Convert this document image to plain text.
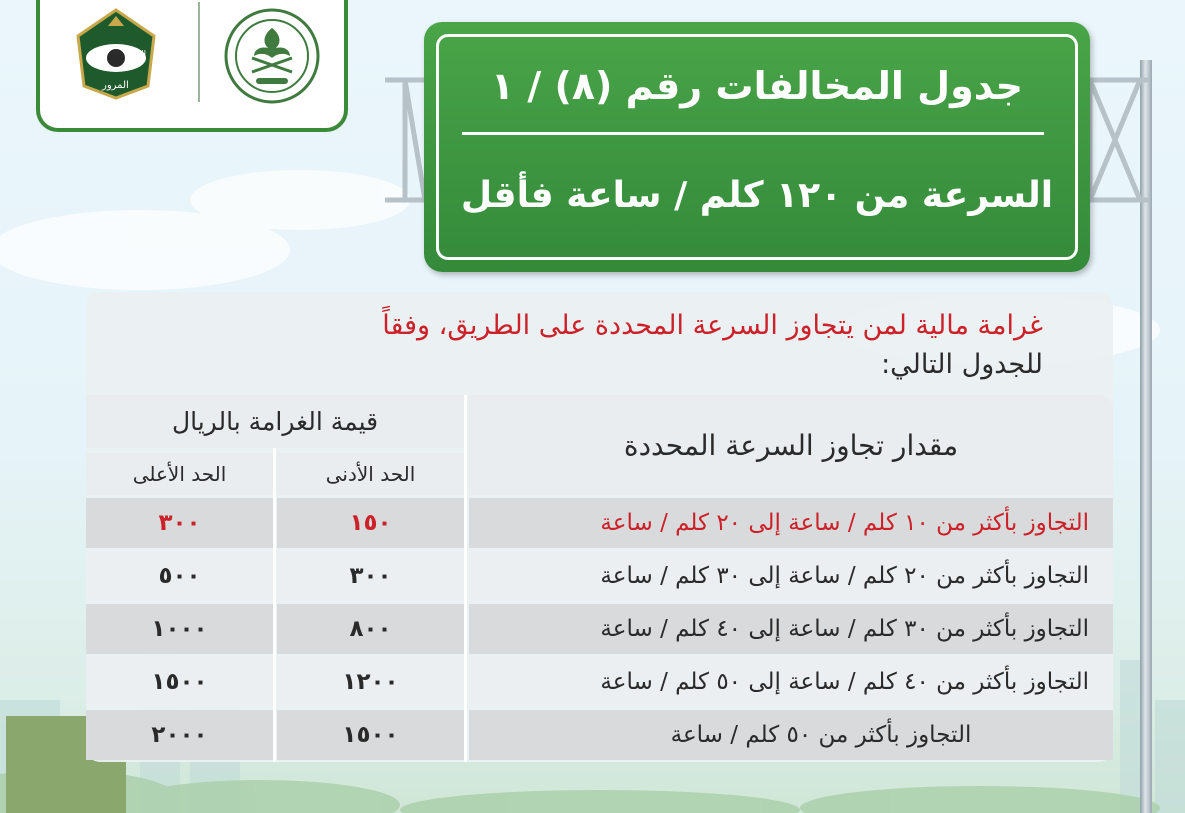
الأمن	العام
المرور	جدول المخالفات رقم (٨) / ١
السرعة من ١٢٠ كلم / ساعة فأقل
غرامة مالية لمن يتجاوز السرعة المحددة على الطريق، وفقاً
للجدول التالي:
مقدار تجاوز السرعة المحددة
قيمة الغرامة بالريال
الحد الأدنى
الحد الأعلى
التجاوز بأكثر من ١٠ كلم / ساعة إلى ٢٠ كلم / ساعة
١٥٠
٣٠٠
التجاوز بأكثر من ٢٠ كلم / ساعة إلى ٣٠ كلم / ساعة
٣٠٠
٥٠٠
التجاوز بأكثر من ٣٠ كلم / ساعة إلى ٤٠ كلم / ساعة
٨٠٠
١٠٠٠
التجاوز بأكثر من ٤٠ كلم / ساعة إلى ٥٠ كلم / ساعة
١٢٠٠
١٥٠٠
التجاوز بأكثر من ٥٠ كلم / ساعة
١٥٠٠
٢٠٠٠
